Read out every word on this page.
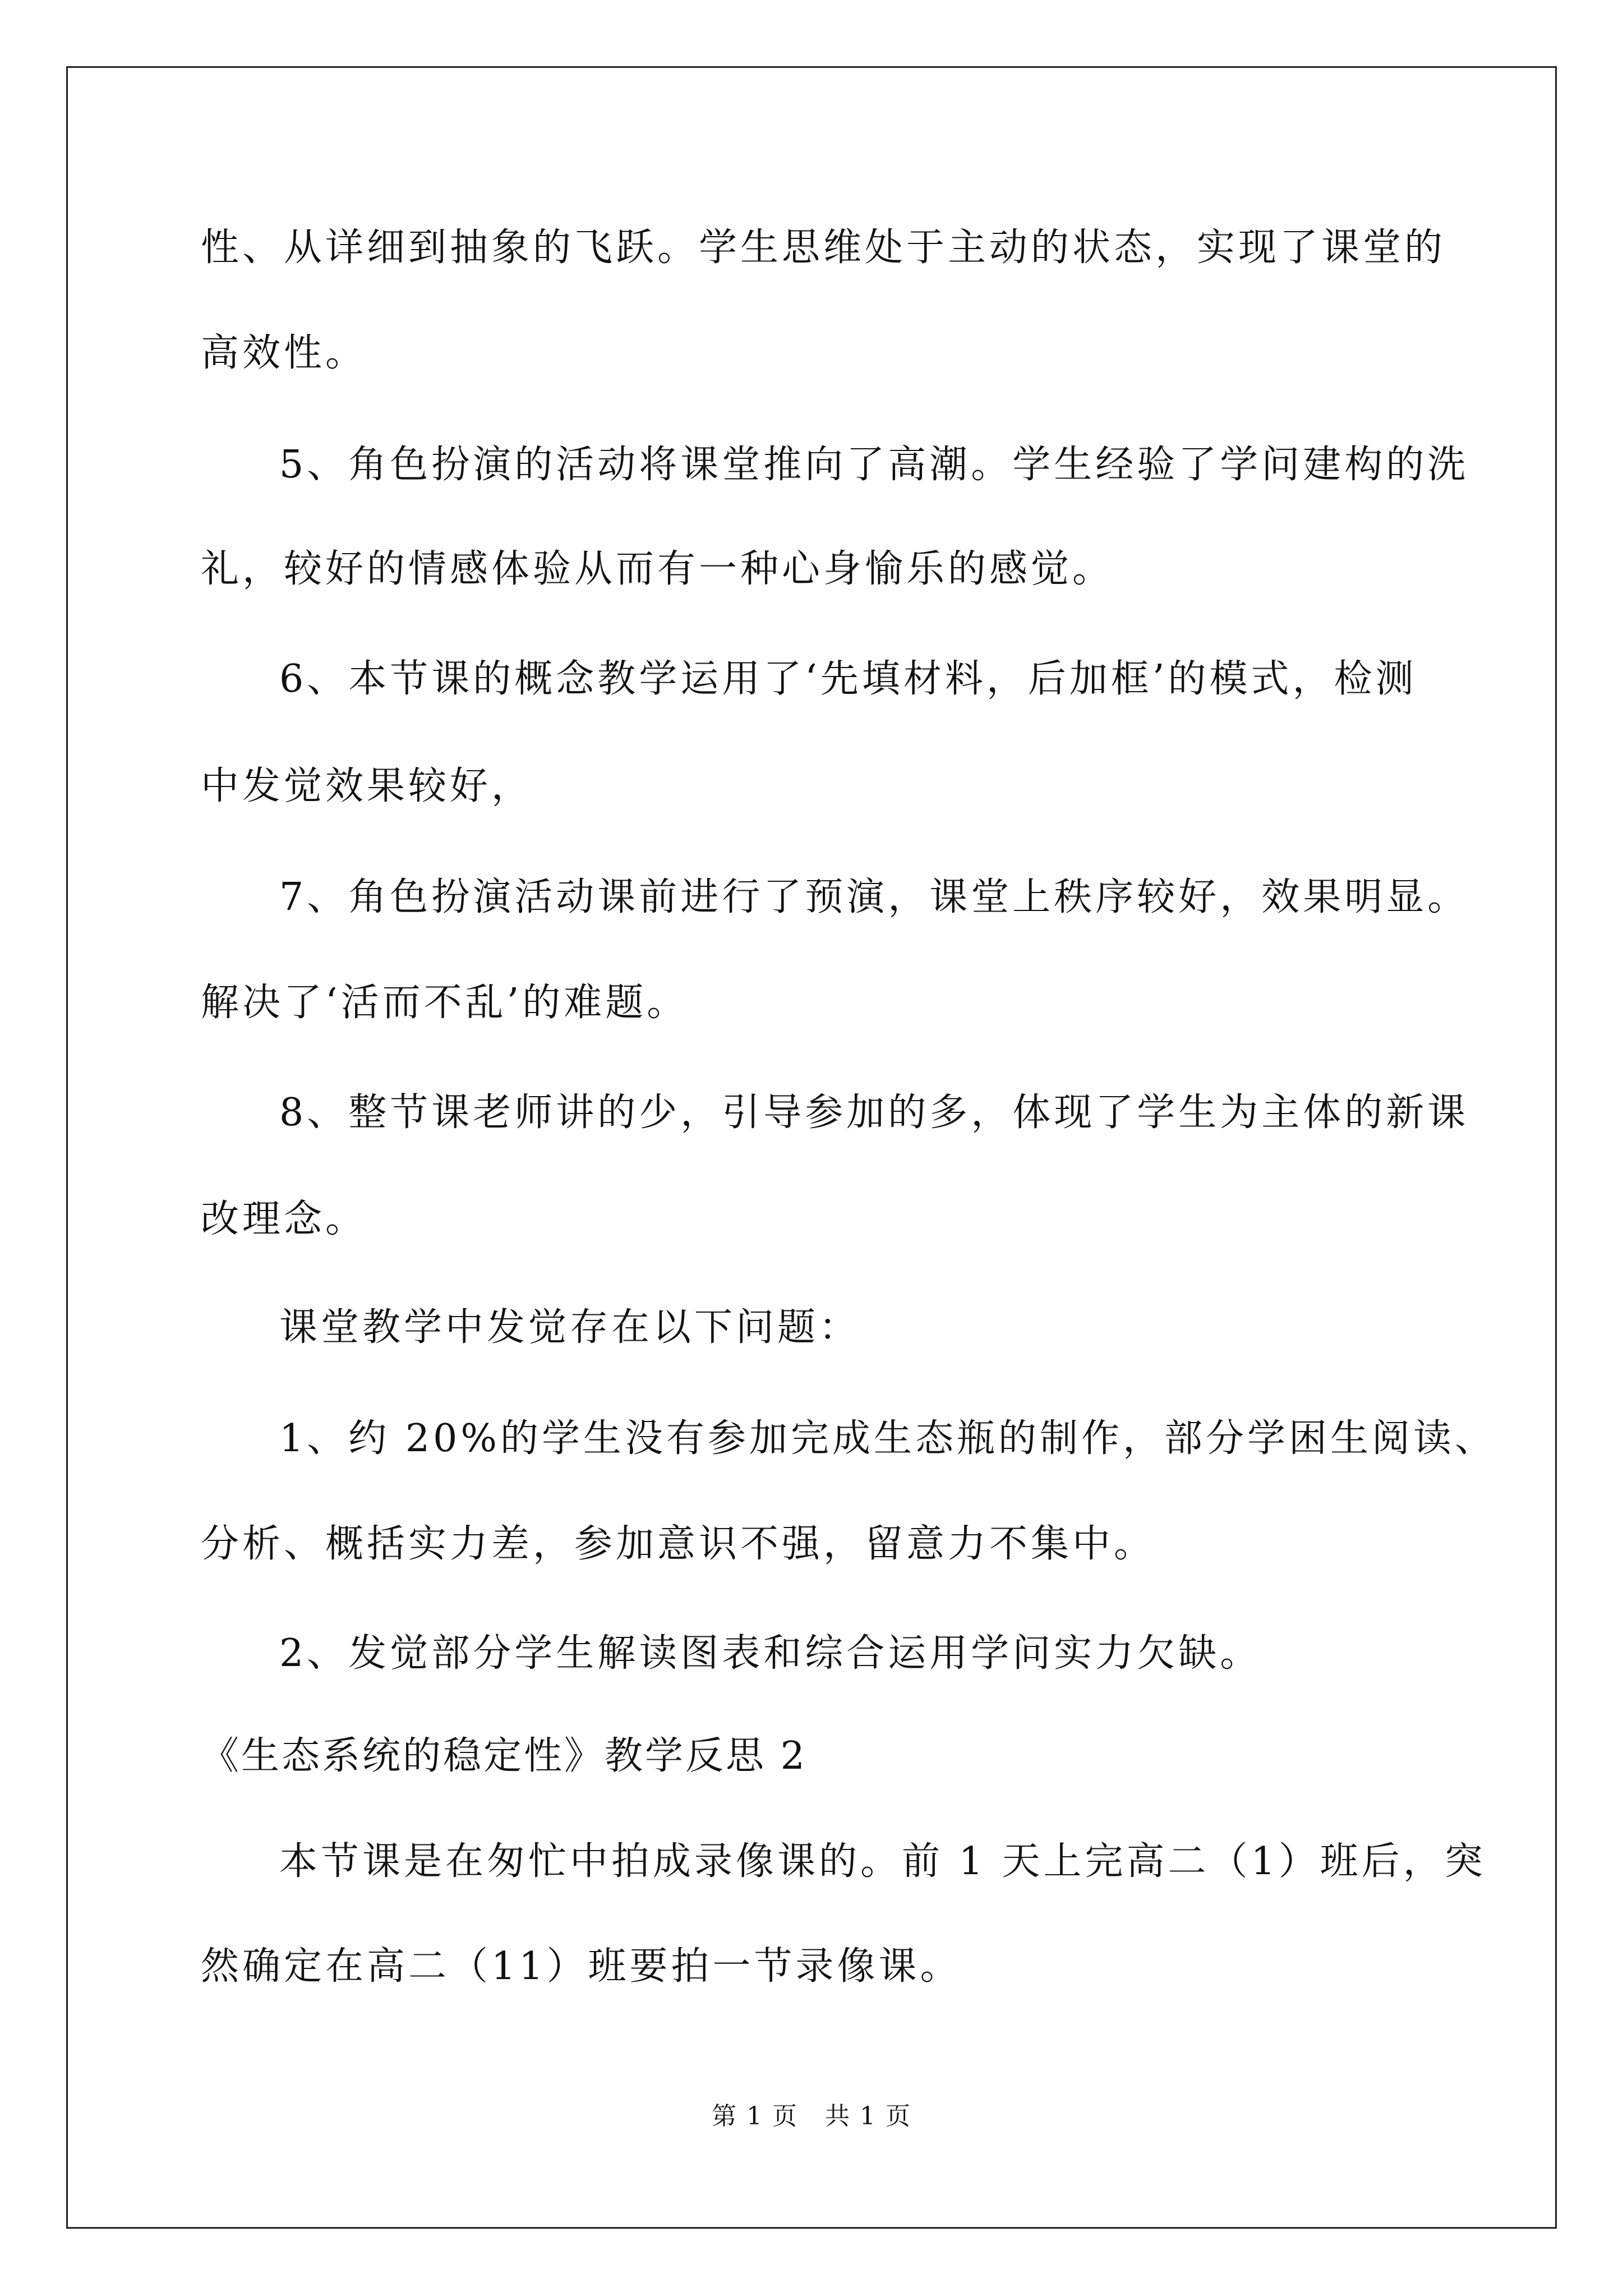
性、从详细到抽象的飞跃。学生思维处于主动的状态，实现了课堂的
高效性。
5、角色扮演的活动将课堂推向了高潮。学生经验了学问建构的洗
礼，较好的情感体验从而有一种心身愉乐的感觉。
6、本节课的概念教学运用了‘先填材料，后加框’的模式，检测
中发觉效果较好，
7、角色扮演活动课前进行了预演，课堂上秩序较好，效果明显。
解决了‘活而不乱’的难题。
8、整节课老师讲的少，引导参加的多，体现了学生为主体的新课
改理念。
课堂教学中发觉存在以下问题：
1、约 20%的学生没有参加完成生态瓶的制作，部分学困生阅读、
分析、概括实力差，参加意识不强，留意力不集中。
2、发觉部分学生解读图表和综合运用学问实力欠缺。
《生态系统的稳定性》教学反思 2
本节课是在匆忙中拍成录像课的。前 1 天上完高二（1）班后，突
然确定在高二（11）班要拍一节录像课。
第 1 页   共 1 页
